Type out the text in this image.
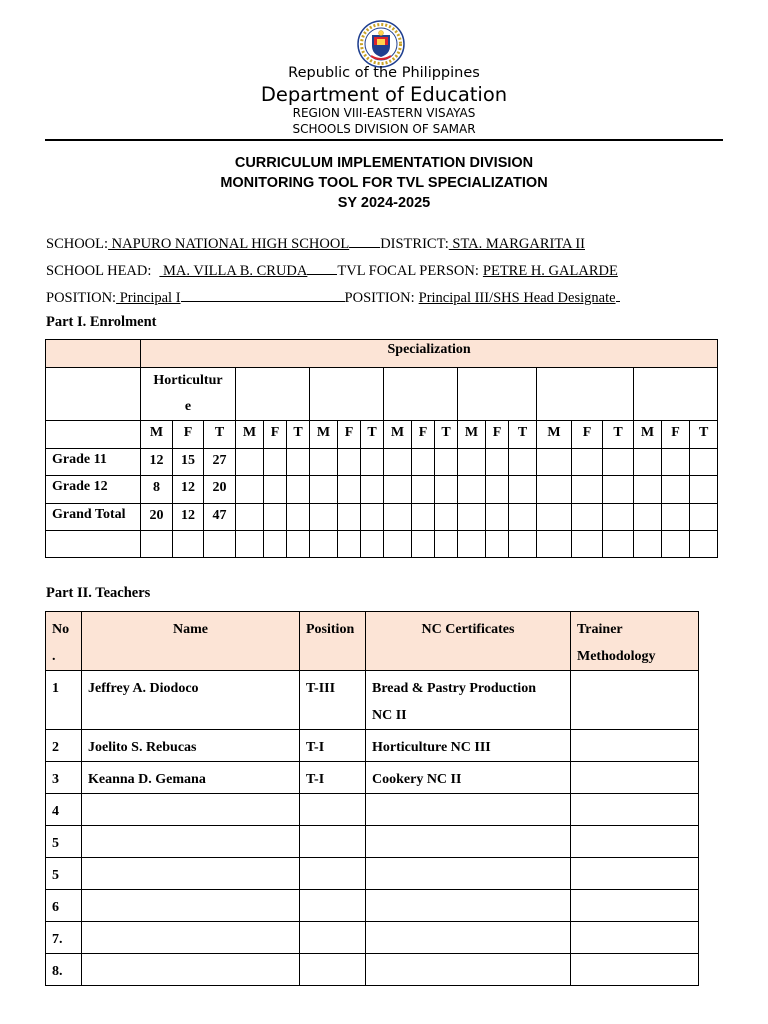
Republic of the Philippines
Department of Education
REGION VIII-EASTERN VISAYAS
SCHOOLS DIVISION OF SAMAR
CURRICULUM IMPLEMENTATION DIVISION
MONITORING TOOL FOR TVL SPECIALIZATION
SY 2024-2025
SCHOOL: NAPURO NATIONAL HIGH SCHOOL DISTRICT: STA. MARGARITA II
SCHOOL HEAD: MA. VILLA B. CRUDA TVL FOCAL PERSON: PETRE H. GALARDE
POSITION: Principal I	POSITION: Principal III/SHS Head Designate
Part I. Enrolment
	Specialization																				
	Horticultur
e																				
	M	F	T	M	F	T	M	F	T	M	F	T	M	F	T	M	F	T	M	F	T
Grade 11	12	15	27																		
Grade 12	8	12	20																		
Grand Total	20	12	47																		

Part II. Teachers
No
.	Name	Position	NC Certificates	Trainer
Methodology
1	Jeffrey A. Diodoco	T-III	Bread & Pastry Production
NC II	
2	Joelito S. Rebucas	T-I	Horticulture NC III	
3	Keanna D. Gemana	T-I	Cookery NC II	
4				
5				
5				
6				
7.				
8.				
